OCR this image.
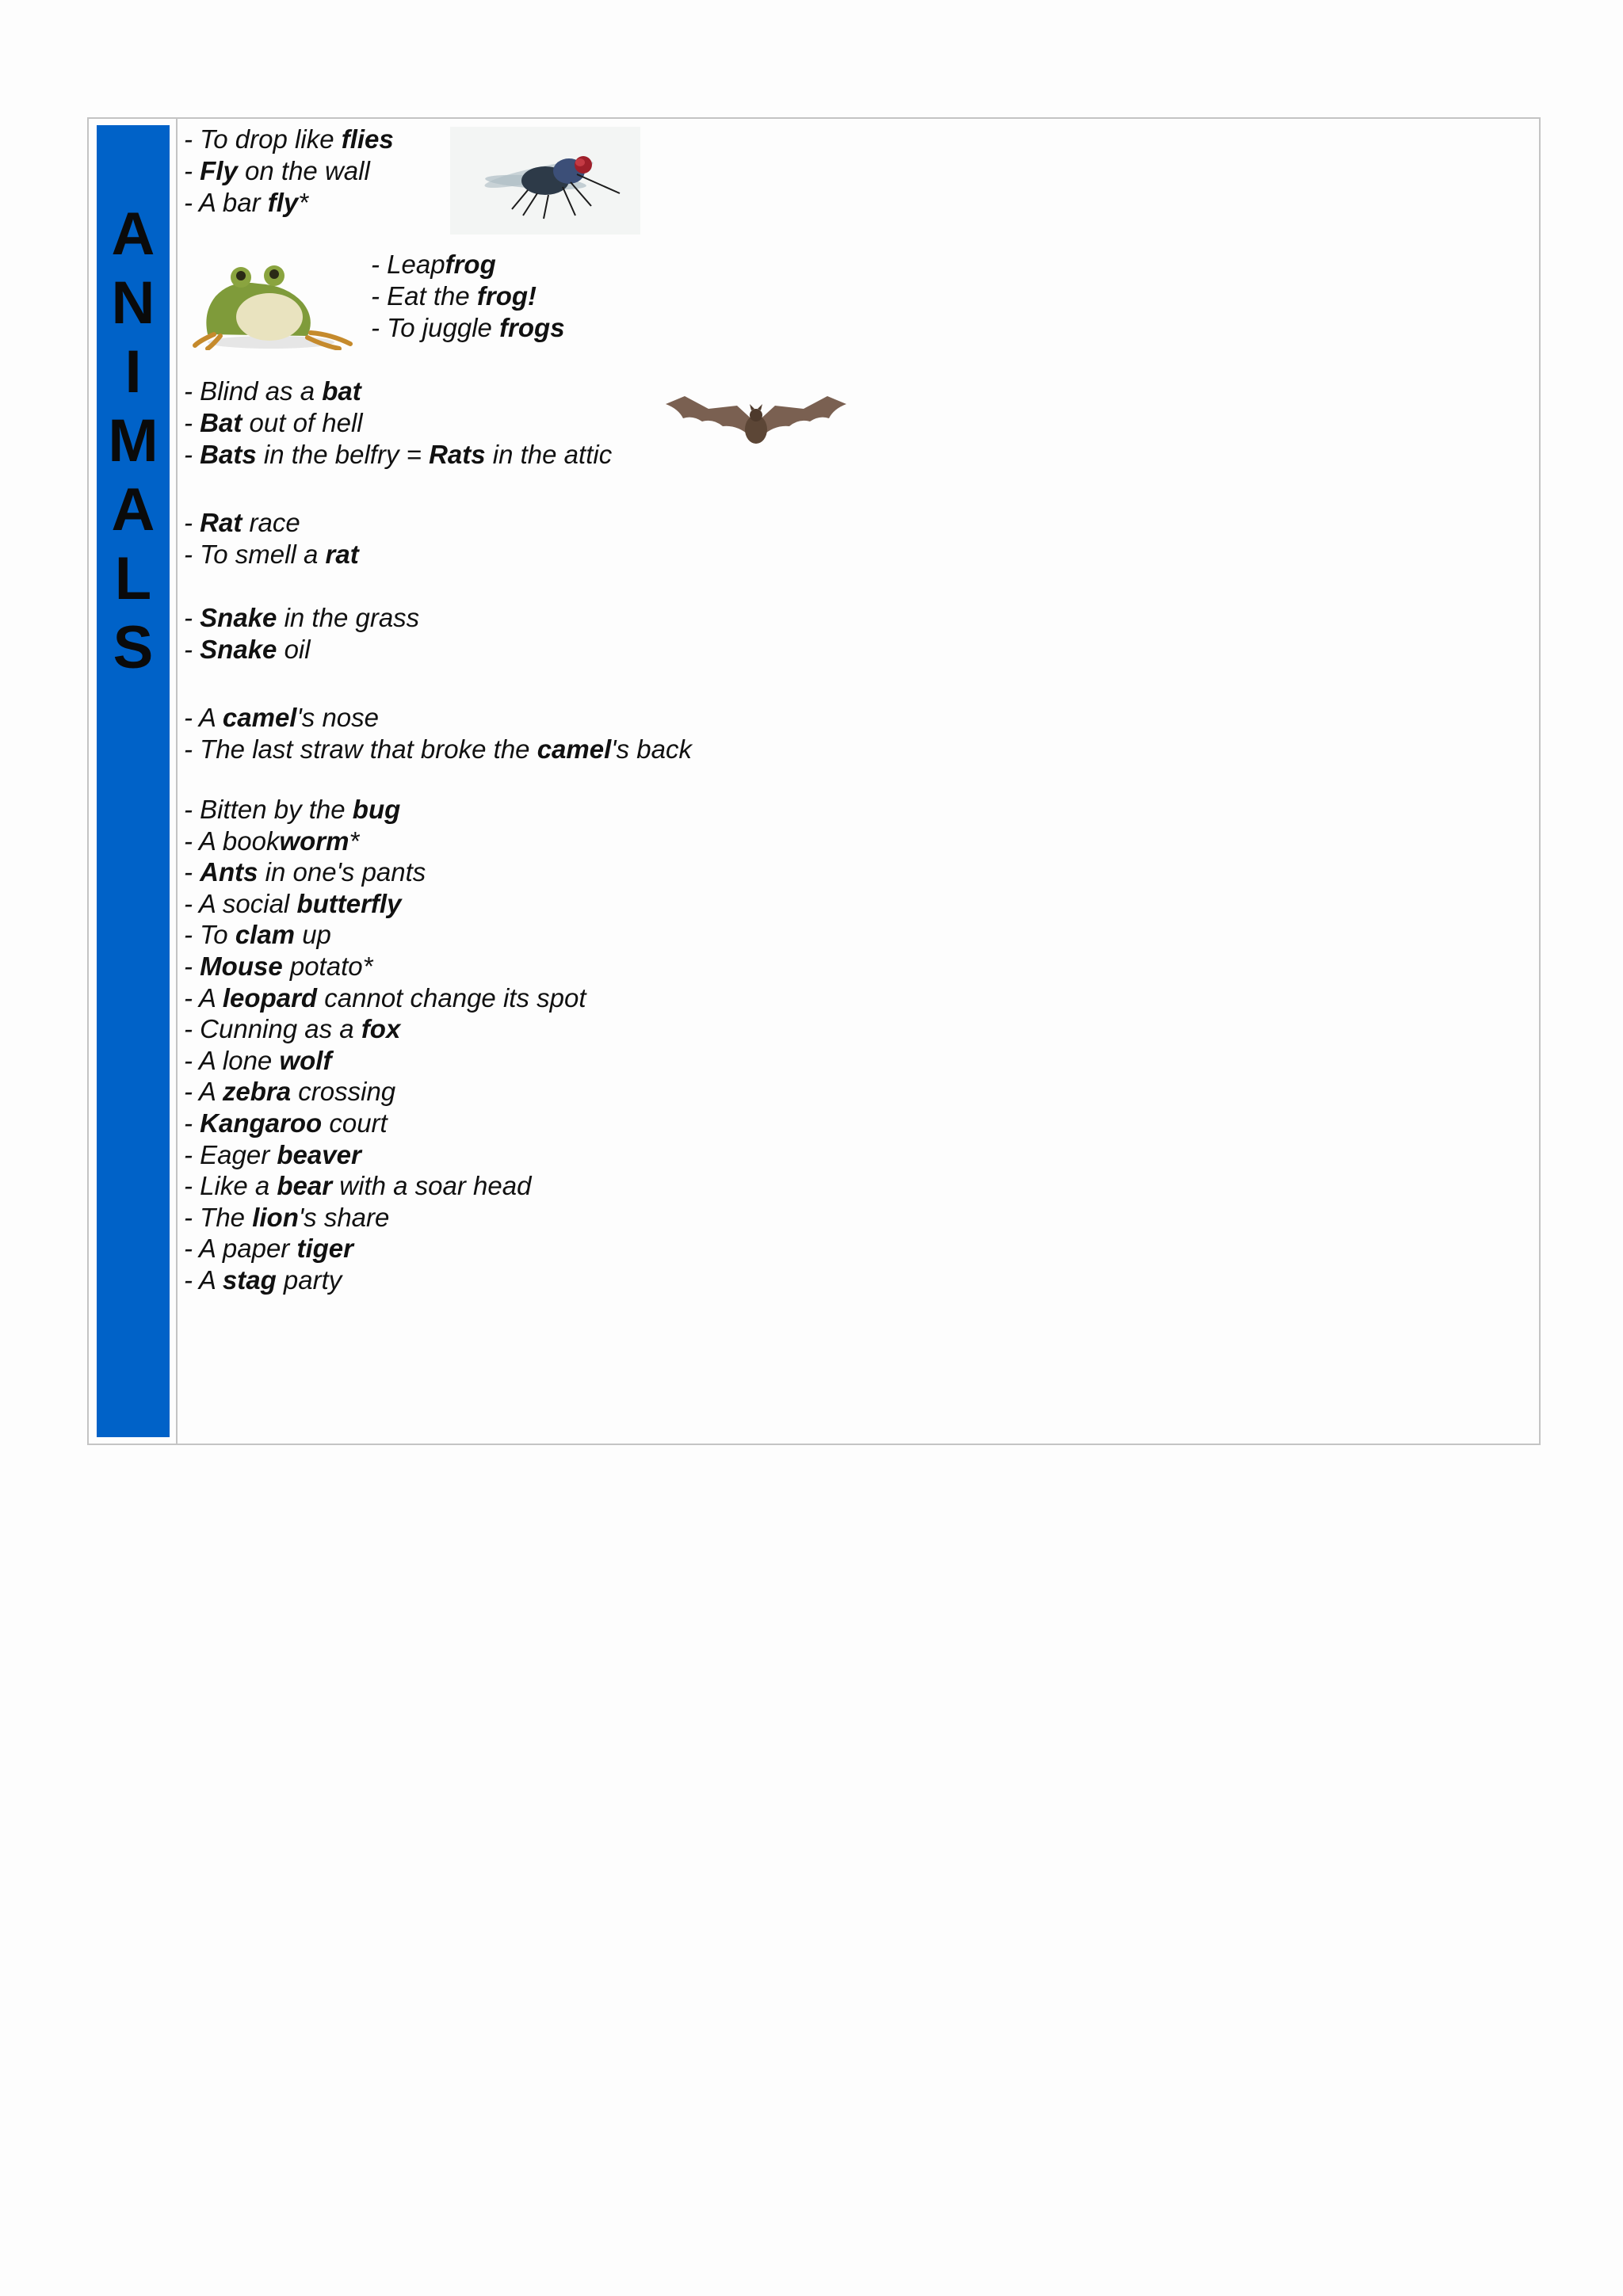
A
N
I
M
A
L
S
- To drop like flies
- Fly on the wall
- A bar fly*
- Leapfrog
- Eat the frog!
- To juggle frogs
- Blind as a bat
- Bat out of hell
- Bats in the belfry = Rats in the attic
- Rat race
- To smell a rat
- Snake in the grass
- Snake oil
- A camel's nose
- The last straw that broke the camel's back
- Bitten by the bug
- A bookworm*
- Ants in one's pants
- A social butterfly
- To clam up
- Mouse potato*
- A leopard cannot change its spot
- Cunning as a fox
- A lone wolf
- A zebra crossing
- Kangaroo court
- Eager beaver
- Like a bear with a soar head
- The lion's share
- A paper tiger
- A stag party
